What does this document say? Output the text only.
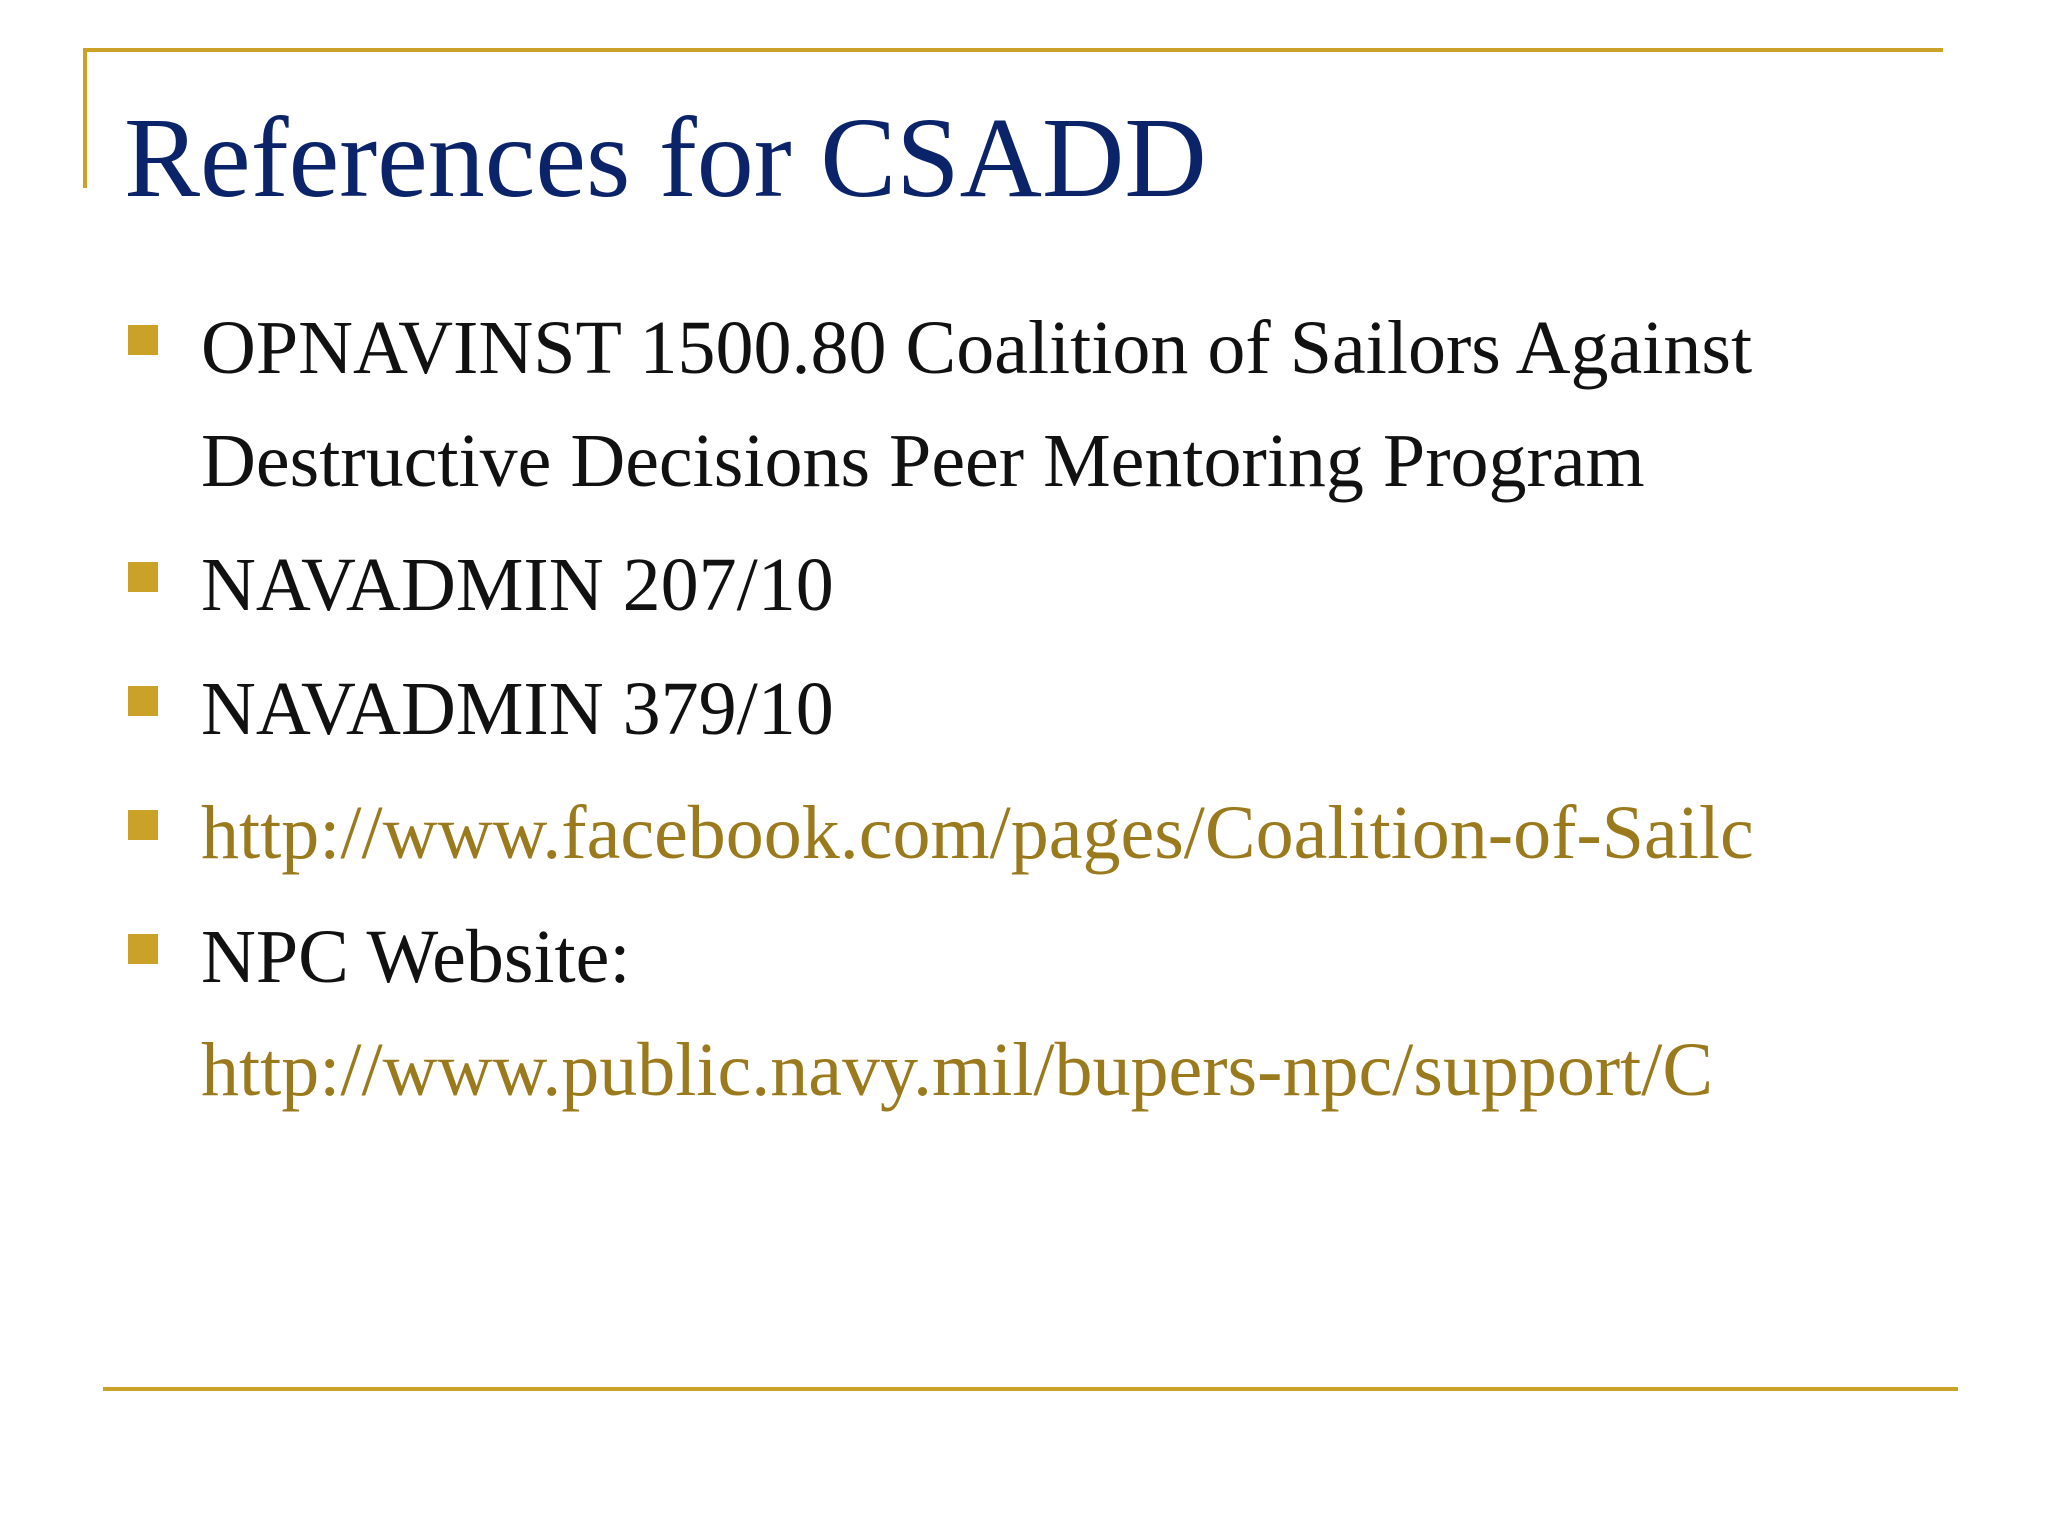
References for CSADD
OPNAVINST 1500.80 Coalition of Sailors Against
Destructive Decisions Peer Mentoring Program
NAVADMIN 207/10
NAVADMIN 379/10
http://www.facebook.com/pages/Coalition-of-Sailc
NPC Website:
http://www.public.navy.mil/bupers-npc/support/C
